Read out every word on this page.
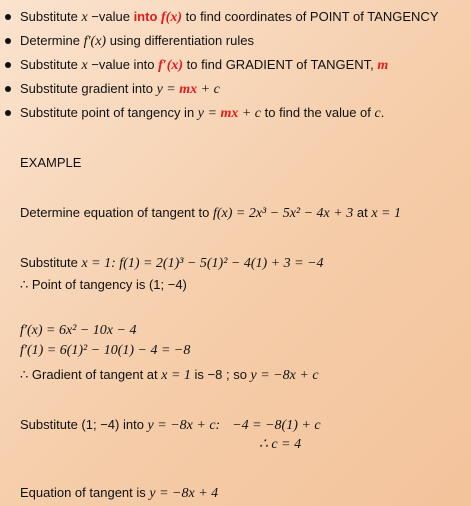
Substitute x −value into f(x) to find coordinates of POINT of TANGENCY
Determine f′(x) using differentiation rules
Substitute x −value into f′(x) to find GRADIENT of TANGENT, m
Substitute gradient into y = mx + c
Substitute point of tangency in y = mx + c to find the value of c.
EXAMPLE
Determine equation of tangent to f(x) = 2x³ − 5x² − 4x + 3 at x = 1
Substitute x = 1: f(1) = 2(1)³ − 5(1)² − 4(1) + 3 = −4
∴ Point of tangency is (1; −4)
f′(x) = 6x² − 10x − 4
f′(1) = 6(1)² − 10(1) − 4 = −8
∴ Gradient of tangent at x = 1 is −8 ; so y = −8x + c
Substitute (1; −4) into y = −8x + c: −4 = −8(1) + c
∴ c = 4
Equation of tangent is y = −8x + 4
